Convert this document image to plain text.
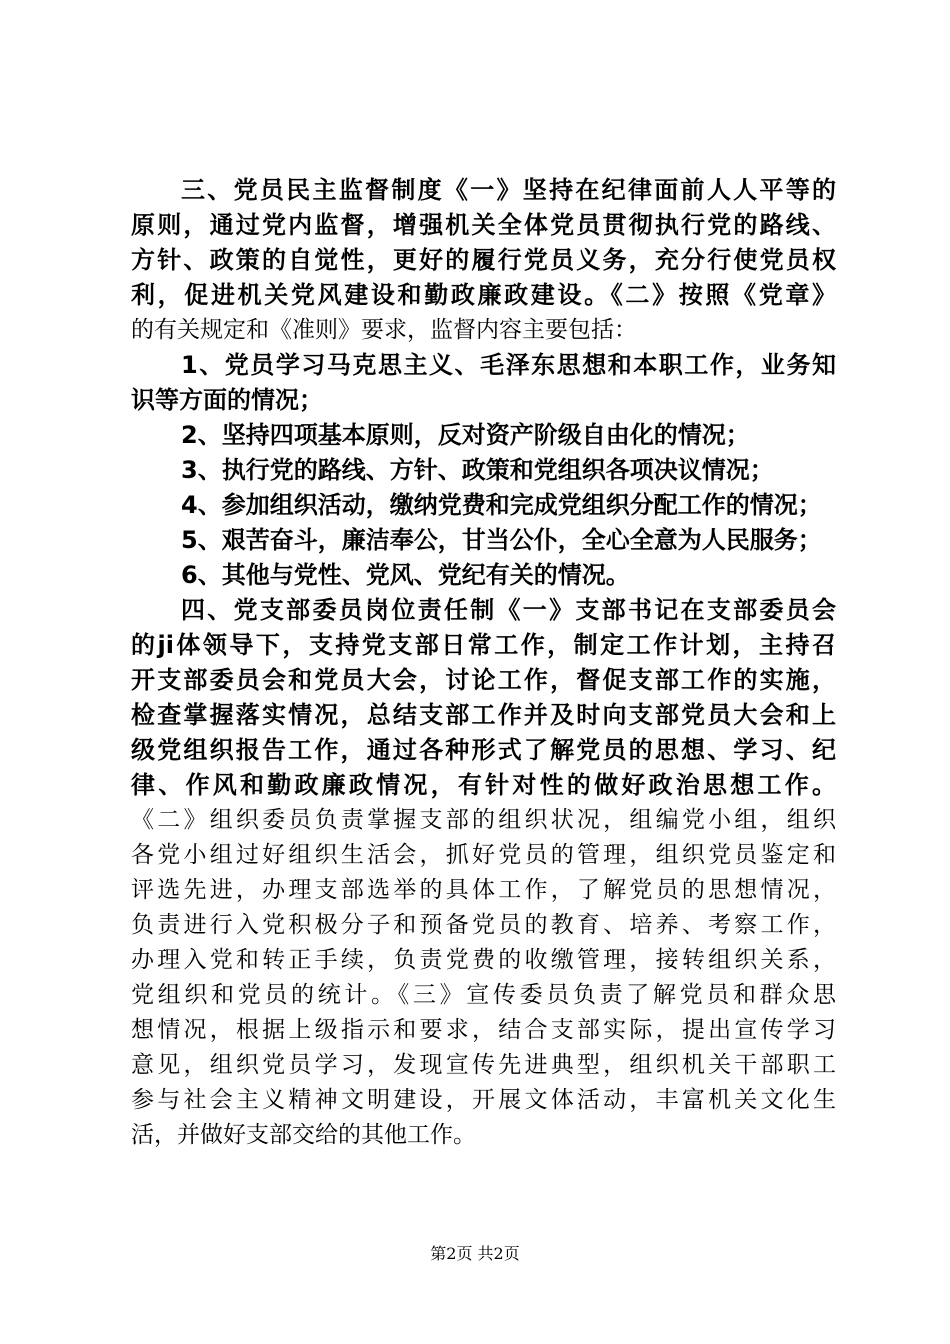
三、党员民主监督制度《一》坚持在纪律面前人人平等的
原则，通过党内监督，增强机关全体党员贯彻执行党的路线、
方针、政策的自觉性，更好的履行党员义务，充分行使党员权
利，促进机关党风建设和勤政廉政建设。《二》按照《党章》
的有关规定和《准则》要求，监督内容主要包括：
1、党员学习马克思主义、毛泽东思想和本职工作，业务知
识等方面的情况；
2、坚持四项基本原则，反对资产阶级自由化的情况；
3、执行党的路线、方针、政策和党组织各项决议情况；
4、参加组织活动，缴纳党费和完成党组织分配工作的情况；
5、艰苦奋斗，廉洁奉公，甘当公仆，全心全意为人民服务；
6、其他与党性、党风、党纪有关的情况。
四、党支部委员岗位责任制《一》支部书记在支部委员会
的ji体领导下，支持党支部日常工作，制定工作计划，主持召
开支部委员会和党员大会，讨论工作，督促支部工作的实施，
检查掌握落实情况，总结支部工作并及时向支部党员大会和上
级党组织报告工作，通过各种形式了解党员的思想、学习、纪
律、作风和勤政廉政情况，有针对性的做好政治思想工作。
《二》组织委员负责掌握支部的组织状况，组编党小组，组织
各党小组过好组织生活会，抓好党员的管理，组织党员鉴定和
评选先进，办理支部选举的具体工作，了解党员的思想情况，
负责进行入党积极分子和预备党员的教育、培养、考察工作，
办理入党和转正手续，负责党费的收缴管理，接转组织关系，
党组织和党员的统计。《三》宣传委员负责了解党员和群众思
想情况，根据上级指示和要求，结合支部实际，提出宣传学习
意见，组织党员学习，发现宣传先进典型，组织机关干部职工
参与社会主义精神文明建设，开展文体活动，丰富机关文化生
活，并做好支部交给的其他工作。
第2页 共2页
